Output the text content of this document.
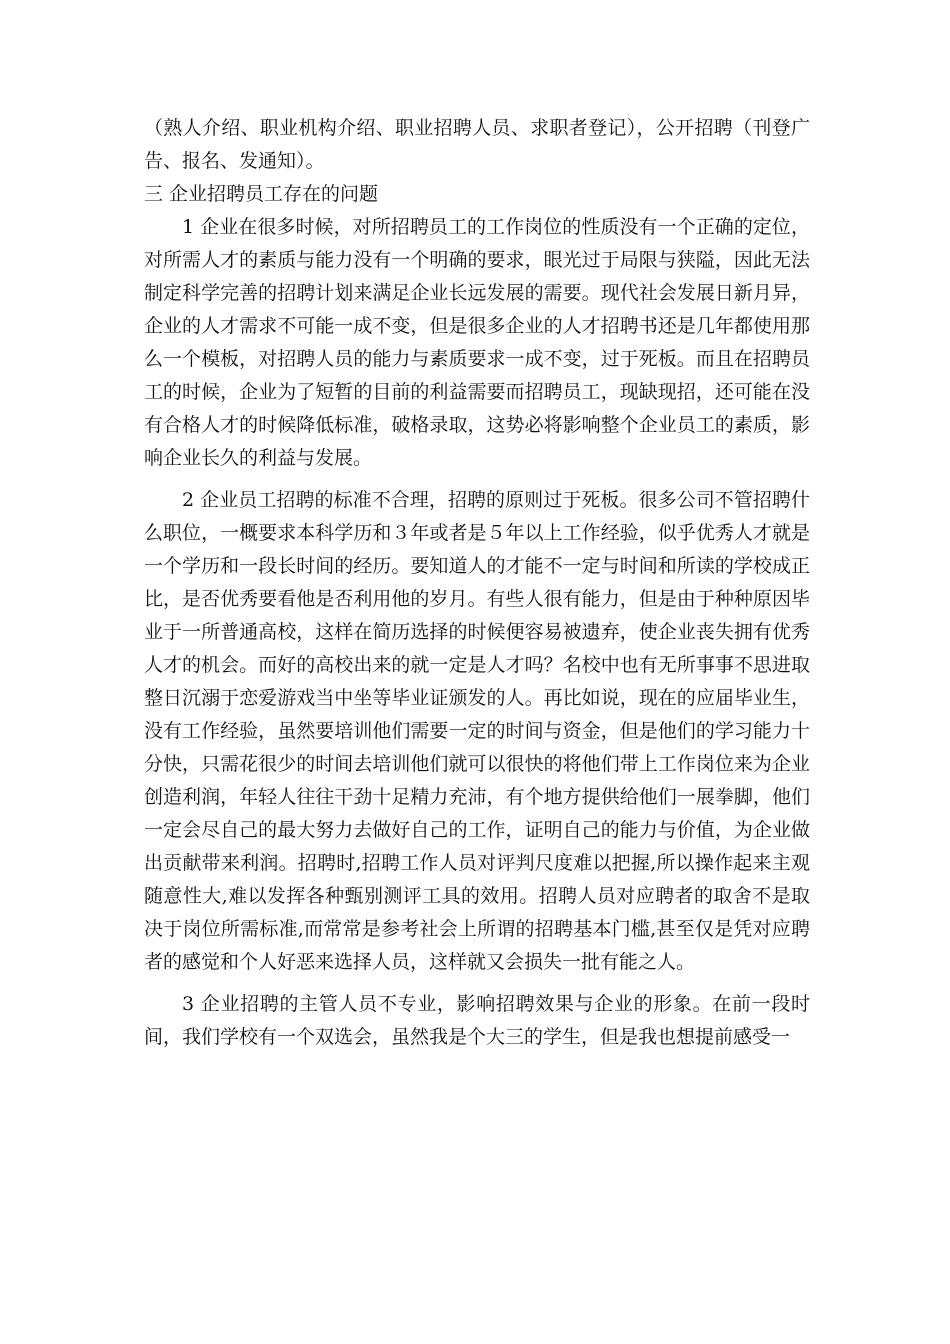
（熟人介绍、职业机构介绍、职业招聘人员、求职者登记），公开招聘（刊登广告、报名、发通知）。

三 企业招聘员工存在的问题

1 企业在很多时候，对所招聘员工的工作岗位的性质没有一个正确的定位，对所需人才的素质与能力没有一个明确的要求，眼光过于局限与狭隘，因此无法制定科学完善的招聘计划来满足企业长远发展的需要。现代社会发展日新月异，企业的人才需求不可能一成不变，但是很多企业的人才招聘书还是几年都使用那么一个模板，对招聘人员的能力与素质要求一成不变，过于死板。而且在招聘员工的时候，企业为了短暂的目前的利益需要而招聘员工，现缺现招，还可能在没有合格人才的时候降低标准，破格录取，这势必将影响整个企业员工的素质，影响企业长久的利益与发展。

2 企业员工招聘的标准不合理，招聘的原则过于死板。很多公司不管招聘什么职位，一概要求本科学历和３年或者是５年以上工作经验，似乎优秀人才就是一个学历和一段长时间的经历。要知道人的才能不一定与时间和所读的学校成正比，是否优秀要看他是否利用他的岁月。有些人很有能力，但是由于种种原因毕业于一所普通高校，这样在简历选择的时候便容易被遗弃，使企业丧失拥有优秀人才的机会。而好的高校出来的就一定是人才吗？名校中也有无所事事不思进取整日沉溺于恋爱游戏当中坐等毕业证颁发的人。再比如说，现在的应届毕业生，没有工作经验，虽然要培训他们需要一定的时间与资金，但是他们的学习能力十分快，只需花很少的时间去培训他们就可以很快的将他们带上工作岗位来为企业创造利润，年轻人往往干劲十足精力充沛，有个地方提供给他们一展拳脚，他们一定会尽自己的最大努力去做好自己的工作，证明自己的能力与价值，为企业做出贡献带来利润。招聘时,招聘工作人员对评判尺度难以把握,所以操作起来主观随意性大,难以发挥各种甄别测评工具的效用。招聘人员对应聘者的取舍不是取决于岗位所需标准,而常常是参考社会上所谓的招聘基本门槛,甚至仅是凭对应聘者的感觉和个人好恶来选择人员，这样就又会损失一批有能之人。

3 企业招聘的主管人员不专业，影响招聘效果与企业的形象。在前一段时间，我们学校有一个双选会，虽然我是个大三的学生，但是我也想提前感受一
